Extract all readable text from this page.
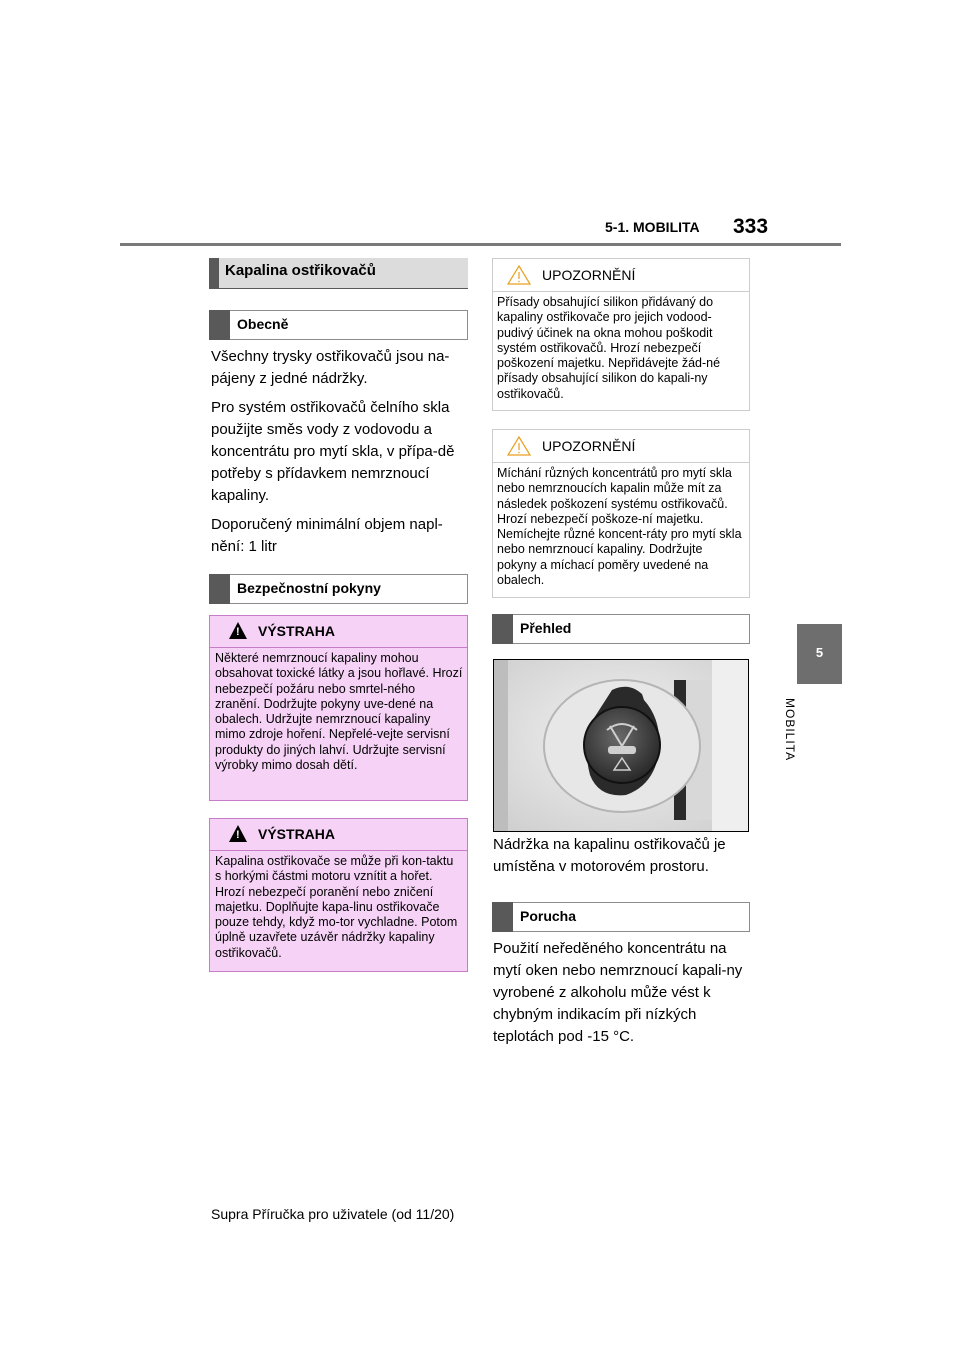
5-1. MOBILITA 333
5
MOBILITA
Kapalina ostřikovačů
Obecně

Všechny trysky ostřikovačů jsou na-pájeny z jedné nádržky.

Pro systém ostřikovačů čelního skla použijte směs vody z vodovodu a koncentrátu pro mytí skla, v přípa-dě potřeby s přídavkem nemrznoucí kapaliny.

Doporučený minimální objem napl-nění: 1 litr

Bezpečnostní pokyny
!
VÝSTRAHA
Některé nemrznoucí kapaliny mohou obsahovat toxické látky a jsou hořlavé. Hrozí nebezpečí požáru nebo smrtel-ného zranění. Dodržujte pokyny uve-dené na obalech. Udržujte nemrznoucí kapaliny mimo zdroje hoření. Nepřelé-vejte servisní produkty do jiných lahví. Udržujte servisní výrobky mimo dosah dětí.
!
VÝSTRAHA
Kapalina ostřikovače se může při kon-taktu s horkými částmi motoru vznítit a hořet. Hrozí nebezpečí poranění nebo zničení majetku. Doplňujte kapa-linu ostřikovače pouze tehdy, když mo-tor vychladne. Potom úplně uzavřete uzávěr nádržky kapaliny ostřikovačů.
UPOZORNĚNÍ
Přísady obsahující silikon přidávaný do kapaliny ostřikovače pro jejich vodood-pudivý účinek na okna mohou poškodit systém ostřikovačů. Hrozí nebezpečí poškození majetku. Nepřidávejte žád-né přísady obsahující silikon do kapali-ny ostřikovačů.
UPOZORNĚNÍ
Míchání různých koncentrátů pro mytí skla nebo nemrznoucích kapalin může mít za následek poškození systému ostřikovačů. Hrozí nebezpečí poškoze-ní majetku. Nemíchejte různé koncent-ráty pro mytí skla nebo nemrznoucí kapaliny. Dodržujte pokyny a míchací poměry uvedené na obalech.
Přehled
Nádržka na kapalinu ostřikovačů je umístěna v motorovém prostoru.
Porucha
Použití neředěného koncentrátu na mytí oken nebo nemrznoucí kapali-ny vyrobené z alkoholu může vést k chybným indikacím při nízkých teplotách pod -15 °C.
Supra Příručka pro uživatele (od 11/20)
